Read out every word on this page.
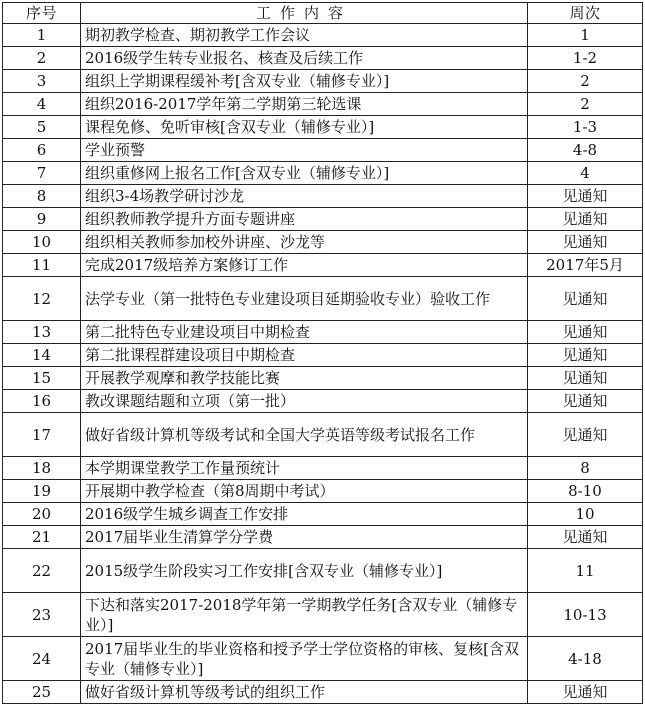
序号	工作内容	周次
1	期初教学检查、期初教学工作会议	1
2	2016级学生转专业报名、核查及后续工作	1-2
3	组织上学期课程缓补考[含双专业（辅修专业）]	2
4	组织2016-2017学年第二学期第三轮选课	2
5	课程免修、免听审核[含双专业（辅修专业）]	1-3
6	学业预警	4-8
7	组织重修网上报名工作[含双专业（辅修专业）]	4
8	组织3-4场教学研讨沙龙	见通知
9	组织教师教学提升方面专题讲座	见通知
10	组织相关教师参加校外讲座、沙龙等	见通知
11	完成2017级培养方案修订工作	2017年5月
12	法学专业（第一批特色专业建设项目延期验收专业）验收工作	见通知
13	第二批特色专业建设项目中期检查	见通知
14	第二批课程群建设项目中期检查	见通知
15	开展教学观摩和教学技能比赛	见通知
16	教改课题结题和立项（第一批）	见通知
17	做好省级计算机等级考试和全国大学英语等级考试报名工作	见通知
18	本学期课堂教学工作量预统计	8
19	开展期中教学检查（第8周期中考试）	8-10
20	2016级学生城乡调查工作安排	10
21	2017届毕业生清算学分学费	见通知
22	2015级学生阶段实习工作安排[含双专业（辅修专业）]	11
23	下达和落实2017-2018学年第一学期教学任务[含双专业（辅修专业）]	10-13
24	2017届毕业生的毕业资格和授予学士学位资格的审核、复核[含双专业（辅修专业）]	4-18
25	做好省级计算机等级考试的组织工作	见通知
